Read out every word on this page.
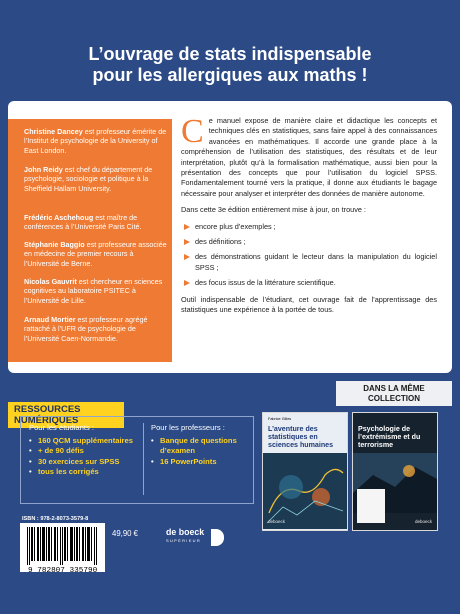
L’ouvrage de stats indispensable
pour les allergiques aux maths !
Christine Dancey est professeur émérite de l’Institut de psychologie de la University of East London.
John Reidy est chef du département de psychologie, sociologie et politique à la Sheffield Hallam University.
Frédéric Aschehoug est maître de conférences à l’Université Paris Cité.
Stéphanie Baggio est professeure associée en médecine de premier recours à l’Université de Berne.
Nicolas Gauvrit est chercheur en sciences cognitives au laboratoire PSITEC à l’Université de Lille.
Arnaud Mortier est professeur agrégé rattaché à l’UFR de psychologie de l’Université Caen-Normandie.

Ce manuel expose de manière claire et didactique les concepts et techniques clés en statistiques, sans faire appel à des connaissances avancées en mathématiques. Il accorde une grande place à la compréhension de l’utilisation des statistiques, des résultats et de leur interprétation, plutôt qu’à la formalisation mathématique, aussi bien pour la présentation des concepts que pour l’utilisation du logiciel SPSS. Fondamentalement tourné vers la pratique, il donne aux étudiants le bagage nécessaire pour analyser et interpréter des données de manière autonome.

Dans cette 3e édition entièrement mise à jour, on trouve :

encore plus d’exemples ;
des définitions ;
des démonstrations guidant le lecteur dans la manipulation du logiciel SPSS ;
des focus issus de la littérature scientifique.

Outil indispensable de l’étudiant, cet ouvrage fait de l’apprentissage des statistiques une expérience à la portée de tous.

DANS LA MÊME
COLLECTION
RESSOURCES NUMÉRIQUES
Pour les étudiants :
• 160 QCM supplémentaires
• + de 90 défis
• 30 exercices sur SPSS
• tous les corrigés
Pour les professeurs :
• Banque de questions d’examen
• 16 PowerPoints
Fabrice Gilles
L’aventure des statistiques en sciences humaines
deboeck
Psychologie de l’extrémisme et du terrorisme
deboeck
ISBN : 978-2-8073-3579-8
9 782807 335790
49,90 €	de boeck
SUPÉRIEUR
